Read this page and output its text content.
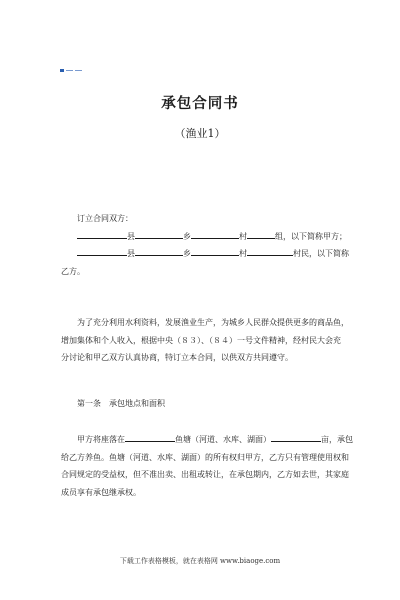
承包合同书
（渔业1）
订立合同双方：
县	乡	村	组，以下简称甲方；
县	乡	村	村民，以下简称
乙方。
为了充分利用水利资料，发展渔业生产，为城乡人民群众提供更多的商品鱼，
增加集体和个人收入，根据中央（８３）、（８４）一号文件精神，经村民大会充
分讨论和甲乙双方认真协商，特订立本合同，以供双方共同遵守。
第一条　承包地点和面积
甲方将座落在	鱼塘（河道、水库、湖面）	亩，承包
给乙方养鱼。鱼塘（河道、水库、湖面）的所有权归甲方，乙方只有管理使用权和
合同规定的受益权，但不准出卖、出租或转让，在承包期内，乙方如去世，其家庭
成员享有承包继承权。
下载工作表格模板，就在表格网 www.biaoge.com
